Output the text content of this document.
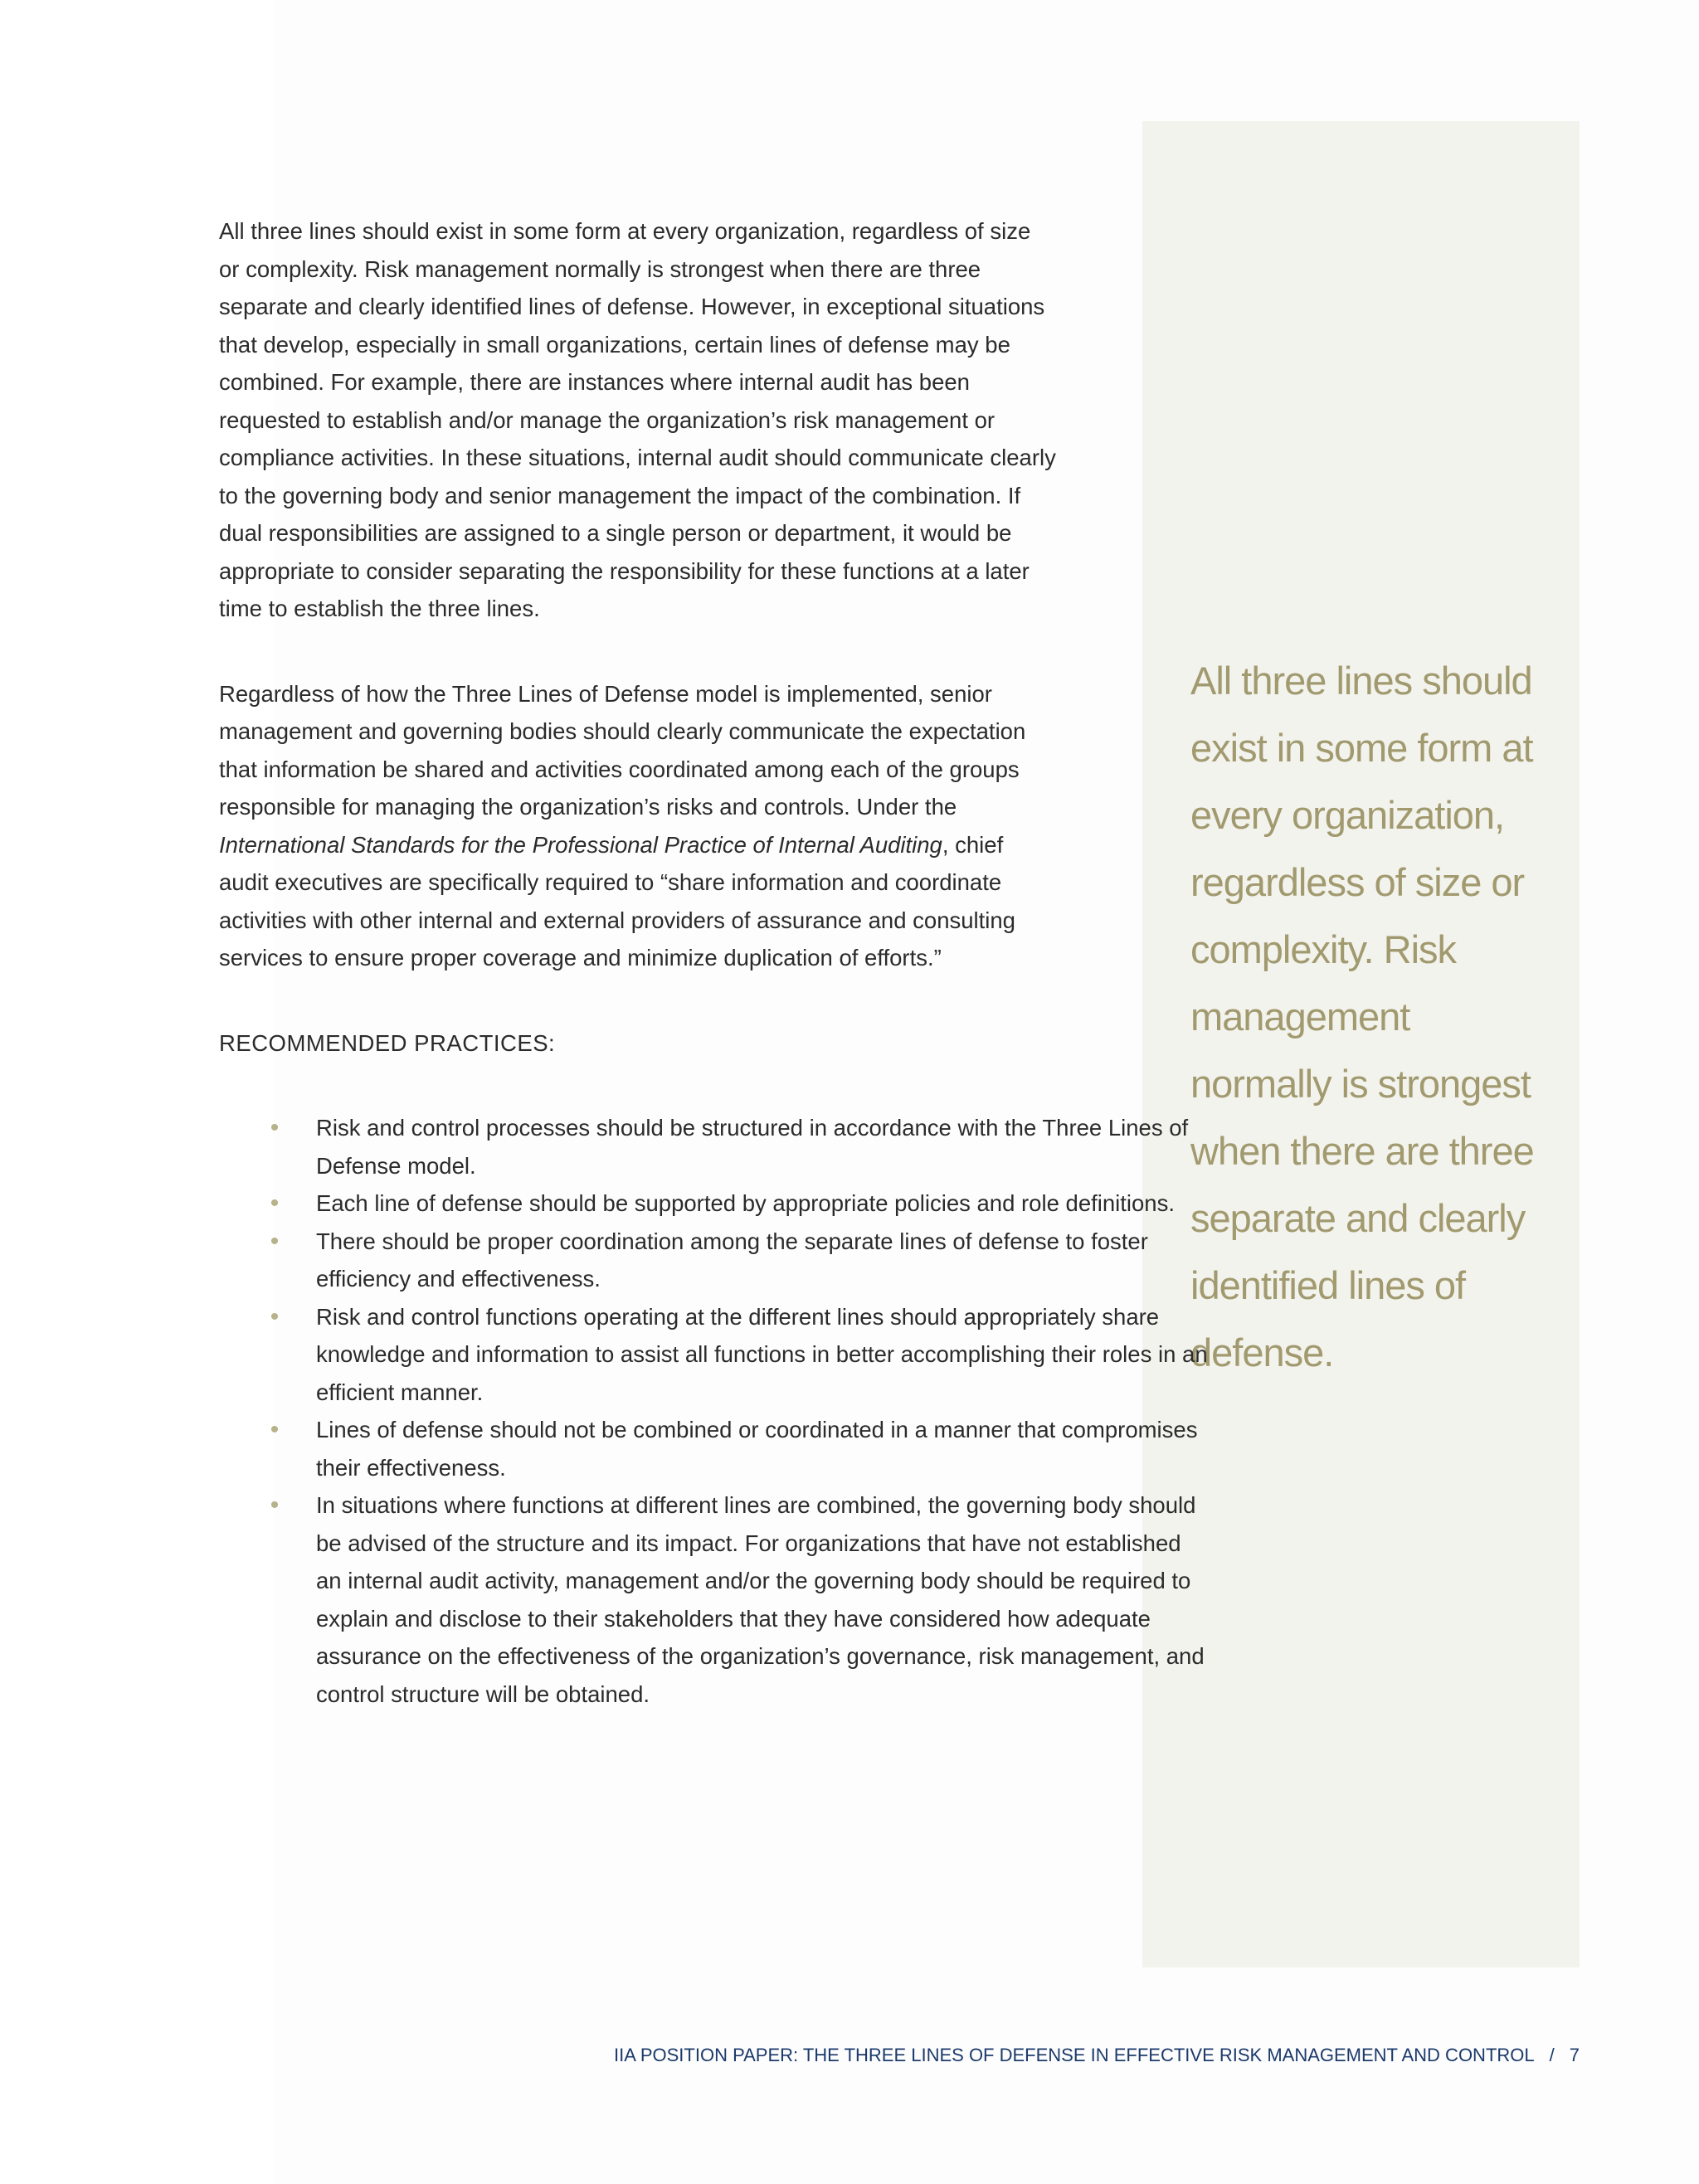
All three lines should exist in some form at every organization, regardless of size or complexity. Risk management normally is strongest when there are three separate and clearly identified lines of defense.

All three lines should exist in some form at every organization, regardless of size or complexity. Risk management normally is strongest when there are three separate and clearly identified lines of defense. However, in exceptional situations that develop, especially in small organizations, certain lines of defense may be combined. For example, there are instances where internal audit has been requested to establish and/or manage the organization’s risk management or compliance activities. In these situations, internal audit should communicate clearly to the governing body and senior management the impact of the combination. If dual responsibilities are assigned to a single person or department, it would be appropriate to consider separating the responsibility for these functions at a later time to establish the three lines.

Regardless of how the Three Lines of Defense model is implemented, senior management and governing bodies should clearly communicate the expectation that information be shared and activities coordinated among each of the groups responsible for managing the organization’s risks and controls. Under the International Standards for the Professional Practice of Internal Auditing, chief audit executives are specifically required to “share information and coordinate activities with other internal and external providers of assurance and consulting services to ensure proper coverage and minimize duplication of efforts.”

RECOMMENDED PRACTICES:

• Risk and control processes should be structured in accordance with the Three Lines of Defense model.
• Each line of defense should be supported by appropriate policies and role definitions.
• There should be proper coordination among the separate lines of defense to foster efficiency and effectiveness.
• Risk and control functions operating at the different lines should appropriately share knowledge and information to assist all functions in better accomplishing their roles in an efficient manner.
• Lines of defense should not be combined or coordinated in a manner that compromises their effectiveness.
• In situations where functions at different lines are combined, the governing body should be advised of the structure and its impact. For organizations that have not established an internal audit activity, management and/or the governing body should be required to explain and disclose to their stakeholders that they have considered how adequate assurance on the effectiveness of the organization’s governance, risk management, and control structure will be obtained.
IIA POSITION PAPER: THE THREE LINES OF DEFENSE IN EFFECTIVE RISK MANAGEMENT AND CONTROL / 7
